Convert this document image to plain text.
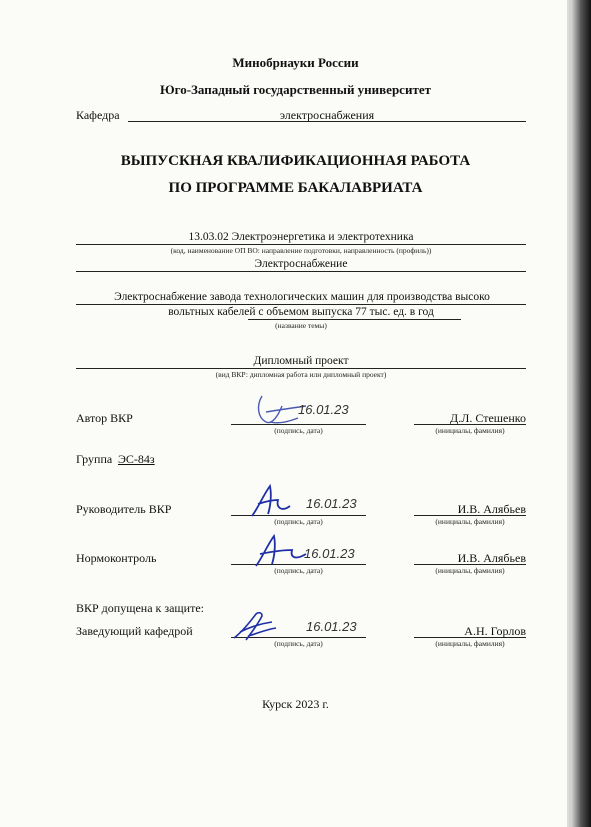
Минобрнауки России
Юго-Западный государственный университет
Кафедра	электроснабжения
ВЫПУСКНАЯ КВАЛИФИКАЦИОННАЯ РАБОТА
ПО ПРОГРАММЕ БАКАЛАВРИАТА
13.03.02 Электроэнергетика и электротехника
(код, наименование ОП ВО: направление подготовки, направленность (профиль))
Электроснабжение
Электроснабжение завода технологических машин для производства высоко
вольтных кабелей с объемом выпуска 77 тыс. ед. в год
(название темы)
Дипломный проект
(вид ВКР: дипломная работа или дипломный проект)
Автор ВКР
(подпись, дата)
Д.Л. Стешенко
(инициалы, фамилия)
16.01.23
Группа ЭС-84з
Руководитель ВКР
(подпись, дата)
И.В. Алябьев
(инициалы, фамилия)
16.01.23
Нормоконтроль
(подпись, дата)
И.В. Алябьев
(инициалы, фамилия)
16.01.23
ВКР допущена к защите:
Заведующий кафедрой
(подпись, дата)
А.Н. Горлов
(инициалы, фамилия)
16.01.23
Курск 2023 г.
